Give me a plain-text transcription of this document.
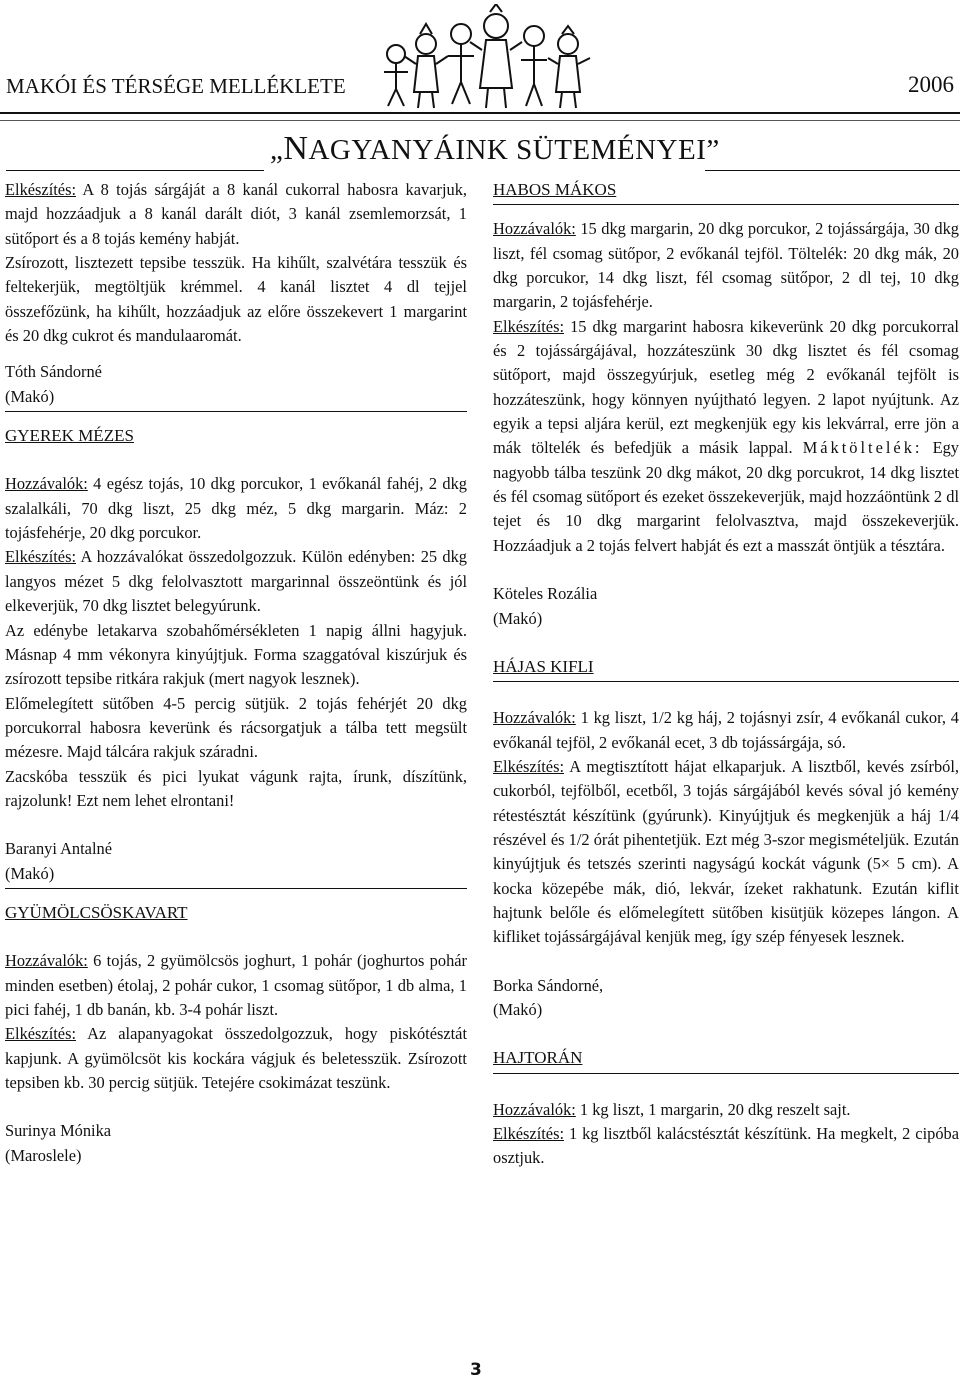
MAKÓI ÉS TÉRSÉGE MELLÉKLETE	2006
„NAGYANYÁINK SÜTEMÉNYEI”

Elkészítés: A 8 tojás sárgáját a 8 kanál cukorral habosra kavarjuk, majd hozzáadjuk a 8 kanál darált diót, 3 kanál zsemlemorzsát, 1 sütőport és a 8 tojás kemény habját.

Zsírozott, lisztezett tepsibe tesszük. Ha kihűlt, szalvétára tesszük és feltekerjük, megtöltjük krémmel. 4 kanál lisztet 4 dl tejjel összefőzünk, ha kihűlt, hozzáadjuk az előre összekevert 1 margarint és 20 dkg cukrot és mandulaaromát.

Tóth Sándorné

(Makó)

GYEREK MÉZES

Hozzávalók: 4 egész tojás, 10 dkg porcukor, 1 evőkanál fahéj, 2 dkg szalalkáli, 70 dkg liszt, 25 dkg méz, 5 dkg margarin. Máz: 2 tojásfehérje, 20 dkg porcukor.

Elkészítés: A hozzávalókat összedolgozzuk. Külön edényben: 25 dkg langyos mézet 5 dkg felolvasztott margarinnal összeöntünk és jól elkeverjük, 70 dkg lisztet belegyúrunk.

Az edénybe letakarva szobahőmérsékleten 1 napig állni hagyjuk. Másnap 4 mm vékonyra kinyújtjuk. Forma szaggatóval kiszúrjuk és zsírozott tepsibe ritkára rakjuk (mert nagyok lesznek).

Előmelegített sütőben 4-5 percig sütjük. 2 tojás fehérjét 20 dkg porcukorral habosra keverünk és rácsorgatjuk a tálba tett megsült mézesre. Majd tálcára rakjuk száradni.

Zacskóba tesszük és pici lyukat vágunk rajta, írunk, díszítünk, rajzolunk! Ezt nem lehet elrontani!

Baranyi Antalné

(Makó)

GYÜMÖLCSÖSKAVART

Hozzávalók: 6 tojás, 2 gyümölcsös joghurt, 1 pohár (joghurtos pohár minden esetben) étolaj, 2 pohár cukor, 1 csomag sütőpor, 1 db alma, 1 pici fahéj, 1 db banán, kb. 3-4 pohár liszt.

Elkészítés: Az alapanyagokat összedolgozzuk, hogy piskótésztát kapjunk. A gyümölcsöt kis kockára vágjuk és beletesszük. Zsírozott tepsiben kb. 30 percig sütjük. Tetejére csokimázat teszünk.

Surinya Mónika

(Maroslele)

HABOS MÁKOS

Hozzávalók: 15 dkg margarin, 20 dkg porcukor, 2 tojássárgája, 30 dkg liszt, fél csomag sütőpor, 2 evőkanál tejföl. Töltelék: 20 dkg mák, 20 dkg porcukor, 14 dkg liszt, fél csomag sütőpor, 2 dl tej, 10 dkg margarin, 2 tojásfehérje.

Elkészítés: 15 dkg margarint habosra kikeverünk 20 dkg porcukorral és 2 tojássárgájával, hozzáteszünk 30 dkg lisztet és fél csomag sütőport, majd összegyúrjuk, esetleg még 2 evőkanál tejfölt is hozzáteszünk, hogy könnyen nyújtható legyen. 2 lapot nyújtunk. Az egyik a tepsi aljára kerül, ezt megkenjük egy kis lekvárral, erre jön a mák töltelék és befedjük a másik lappal. Máktöltelék: Egy nagyobb tálba teszünk 20 dkg mákot, 20 dkg porcukrot, 14 dkg lisztet és fél csomag sütőport és ezeket összekeverjük, majd hozzáöntünk 2 dl tejet és 10 dkg margarint felolvasztva, majd összekeverjük. Hozzáadjuk a 2 tojás felvert habját és ezt a masszát öntjük a tésztára.

Köteles Rozália

(Makó)

HÁJAS KIFLI

Hozzávalók: 1 kg liszt, 1/2 kg háj, 2 tojásnyi zsír, 4 evőkanál cukor, 4 evőkanál tejföl, 2 evőkanál ecet, 3 db tojássárgája, só.

Elkészítés: A megtisztított hájat elkaparjuk. A lisztből, kevés zsírból, cukorból, tejfölből, ecetből, 3 tojás sárgájából kevés sóval jó kemény rétestésztát készítünk (gyúrunk). Kinyújtjuk és megkenjük a háj 1/4 részével és 1/2 órát pihentetjük. Ezt még 3-szor megismételjük. Ezután kinyújtjuk és tetszés szerinti nagyságú kockát vágunk (5× 5 cm). A kocka közepébe mák, dió, lekvár, ízeket rakhatunk. Ezután kiflit hajtunk belőle és előmelegített sütőben kisütjük közepes lángon. A kifliket tojássárgájával kenjük meg, így szép fényesek lesznek.

Borka Sándorné,

(Makó)

HAJTORÁN

Hozzávalók: 1 kg liszt, 1 margarin, 20 dkg reszelt sajt.

Elkészítés: 1 kg lisztből kalácstésztát készítünk. Ha megkelt, 2 cipóba osztjuk.

3
